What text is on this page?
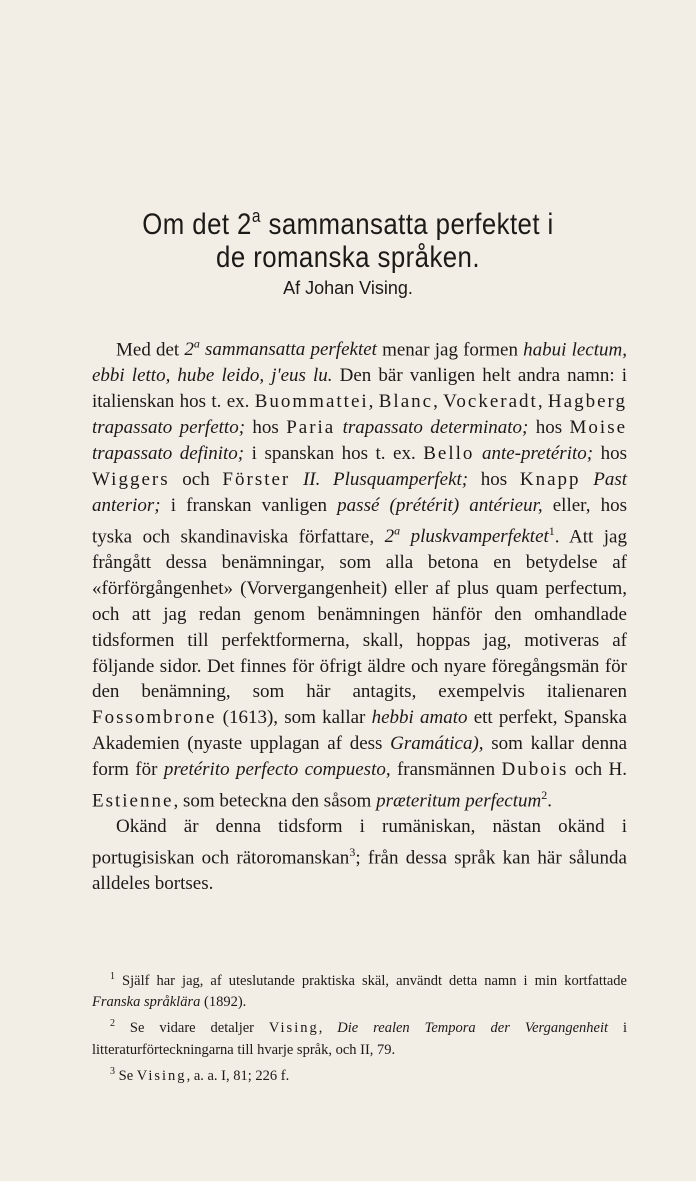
Om det 2$^a$ sammansatta perfektet i
de romanska språken.
Af Johan Vising.

Med det 2$^a$ sammansatta perfektet menar jag formen habui lectum, ebbi letto, hube leido, j'eus lu. Den bär vanligen helt andra namn: i italienskan hos t. ex. Buommattei, Blanc, Vockeradt, Hagberg trapassato perfetto; hos Paria trapassato determinato; hos Moise trapassato definito; i spanskan hos t. ex. Bello ante-pretérito; hos Wiggers och Förster II. Plusquamperfekt; hos Knapp Past anterior; i franskan vanligen passé (prétérit) antérieur, eller, hos tyska och skandinaviska författare, 2$^a$ pluskvamperfektet$^1$. Att jag frångått dessa benämningar, som alla betona en betydelse af «förförgångenhet» (Vorvergangenheit) eller af plus quam perfectum, och att jag redan genom benämningen hänför den omhandlade tidsformen till perfektformerna, skall, hoppas jag, motiveras af följande sidor. Det finnes för öfrigt äldre och nyare föregångsmän för den benämning, som här antagits, exempelvis italienaren Fossombrone (1613), som kallar hebbi amato ett perfekt, Spanska Akademien (nyaste upplagan af dess Gramática), som kallar denna form för pretérito perfecto compuesto, fransmännen Dubois och H. Estienne, som beteckna den såsom præteritum perfectum$^2$.

Okänd är denna tidsform i rumäniskan, nästan okänd i portugisiskan och rätoromanskan$^3$; från dessa språk kan här sålunda alldeles bortses.

$^1$ Själf har jag, af uteslutande praktiska skäl, användt detta namn i min kortfattade Franska språklära (1892).

$^2$ Se vidare detaljer Vising, Die realen Tempora der Vergangenheit i litteraturförteckningarna till hvarje språk, och II, 79.

$^3$ Se Vising, a. a. I, 81; 226 f.
